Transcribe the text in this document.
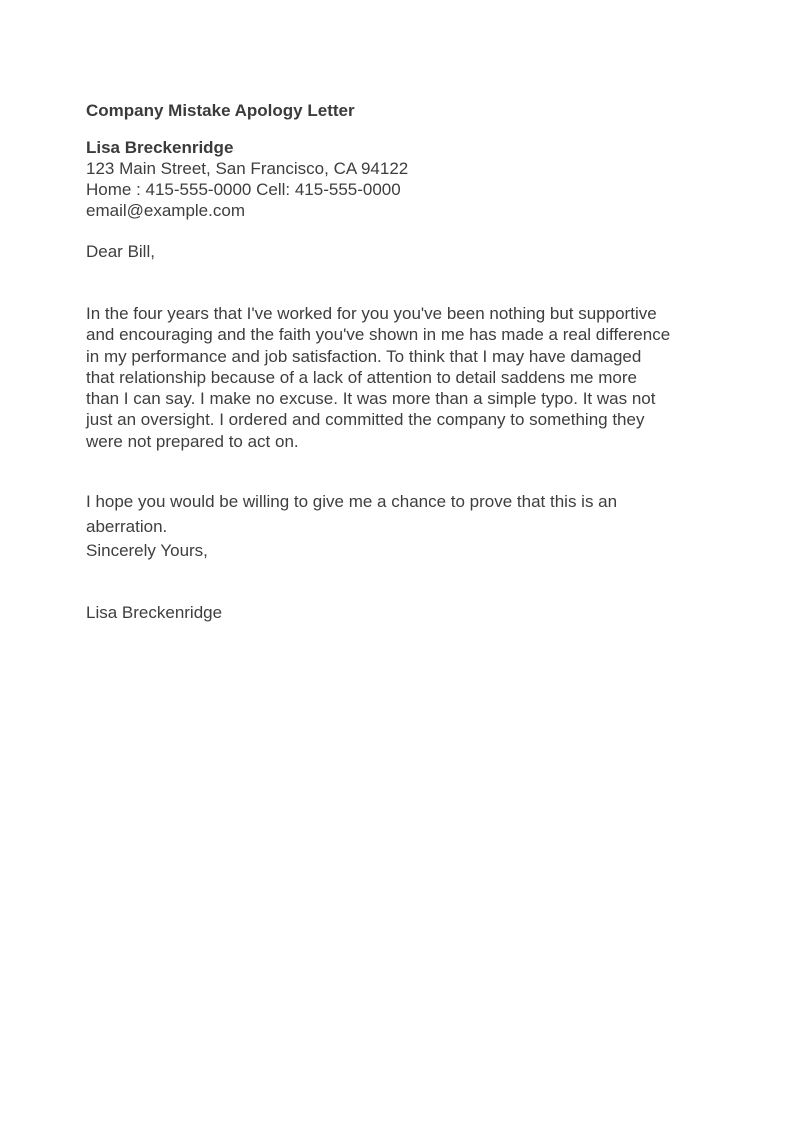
Company Mistake Apology Letter
Lisa Breckenridge
123 Main Street, San Francisco, CA 94122
Home : 415-555-0000 Cell: 415-555-0000
email@example.com
Dear Bill,
In the four years that I've worked for you you've been nothing but supportive
and encouraging and the faith you've shown in me has made a real difference
in my performance and job satisfaction. To think that I may have damaged
that relationship because of a lack of attention to detail saddens me more
than I can say. I make no excuse. It was more than a simple typo. It was not
just an oversight. I ordered and committed the company to something they
were not prepared to act on.
I hope you would be willing to give me a chance to prove that this is an
aberration.
Sincerely Yours,
Lisa Breckenridge
